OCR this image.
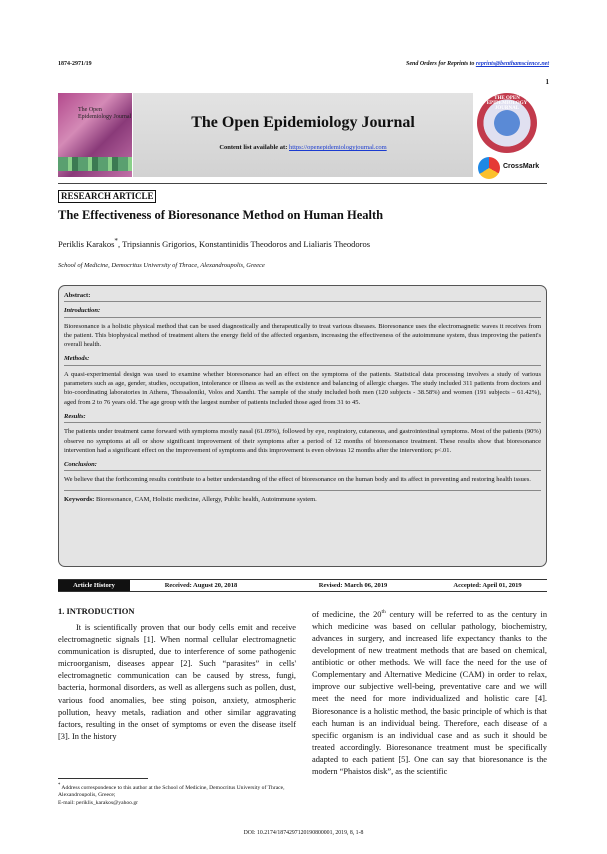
1874-2971/19	Send Orders for Reprints to reprints@benthamscience.net
1
The Open Epidemiology Journal	The Open Epidemiology Journal
Content list available at: https://openepidemiologyjournal.com
THE OPEN EPIDEMIOLOGY JOURNAL
CrossMark
RESEARCH ARTICLE
The Effectiveness of Bioresonance Method on Human Health
Periklis Karakos*, Tripsiannis Grigorios, Konstantinidis Theodoros and Lialiaris Theodoros
School of Medicine, Democritus University of Thrace, Alexandroupolis, Greece
Abstract:
Introduction:

Bioresonance is a holistic physical method that can be used diagnostically and therapeutically to treat various diseases. Bioresonance uses the electromagnetic waves it receives from the patient. This biophysical method of treatment alters the energy field of the affected organism, increasing the effectiveness of the autoimmune system, thus improving the patient's overall health.

Methods:

A quasi-experimental design was used to examine whether bioresonance had an effect on the symptoms of the patients. Statistical data processing involves a study of various parameters such as age, gender, studies, occupation, intolerance or illness as well as the existence and balancing of allergic charges. The study included 311 patients from doctors and bio-coordinating laboratories in Athens, Thessaloniki, Volos and Xanthi. The sample of the study included both men (120 subjects - 38.58%) and women (191 subjects – 61.42%), aged from 2 to 76 years old. The age group with the largest number of patients included those aged from 31 to 45.

Results:

The patients under treatment came forward with symptoms mostly nasal (61.09%), followed by eye, respiratory, cutaneous, and gastrointestinal symptoms. Most of the patients (90%) observe no symptoms at all or show significant improvement of their symptoms after a period of 12 months of bioresonance treatment. These results show that bioresonance intervention had a significant effect on the improvement of symptoms and this improvement is even obvious 12 months after the intervention; p<.01.

Conclusion:

We believe that the forthcoming results contribute to a better understanding of the effect of bioresonance on the human body and its affect in preventing and restoring health issues.

Keywords: Bioresonance, CAM, Holistic medicine, Allergy, Public health, Autoimmune system.
Article History	Received: August 20, 2018	Revised: March 06, 2019	Accepted: April 01, 2019
1. INTRODUCTION

It is scientifically proven that our body cells emit and receive electromagnetic signals [1]. When normal cellular electromagnetic communication is disrupted, due to interference of some pathogenic microorganism, diseases appear [2]. Such “parasites” in cells' electromagnetic communication can be caused by stress, fungi, bacteria, hormonal disorders, as well as allergens such as pollen, dust, various food anomalies, bee sting poison, anxiety, atmospheric pollution, heavy metals, radiation and other similar aggravating factors, resulting in the onset of symptoms or even the disease itself [3]. In the history

of medicine, the 20th century will be referred to as the century in which medicine was based on cellular pathology, biochemistry, advances in surgery, and increased life expectancy thanks to the development of new treatment methods that are based on chemical, antibiotic or other methods. We will face the need for the use of Complementary and Alternative Medicine (CAM) in order to relax, improve our subjective well-being, preventative care and we will meet the need for more individualized and holistic care [4]. Bioresonance is a holistic method, the basic principle of which is that each human is an individual being. Therefore, each disease of a specific organism is an individual case and as such it should be treated accordingly. Bioresonance treatment must be specifically adapted to each patient [5]. One can say that bioresonance is the modern “Phaistos disk”, as the scientific

* Address correspondence to this author at the School of Medicine, Democritus University of Thrace, Alexandroupolis, Greece;
E-mail: periklis_karakos@yahoo.gr
DOI: 10.2174/1874297120190800001, 2019, 8, 1-8
